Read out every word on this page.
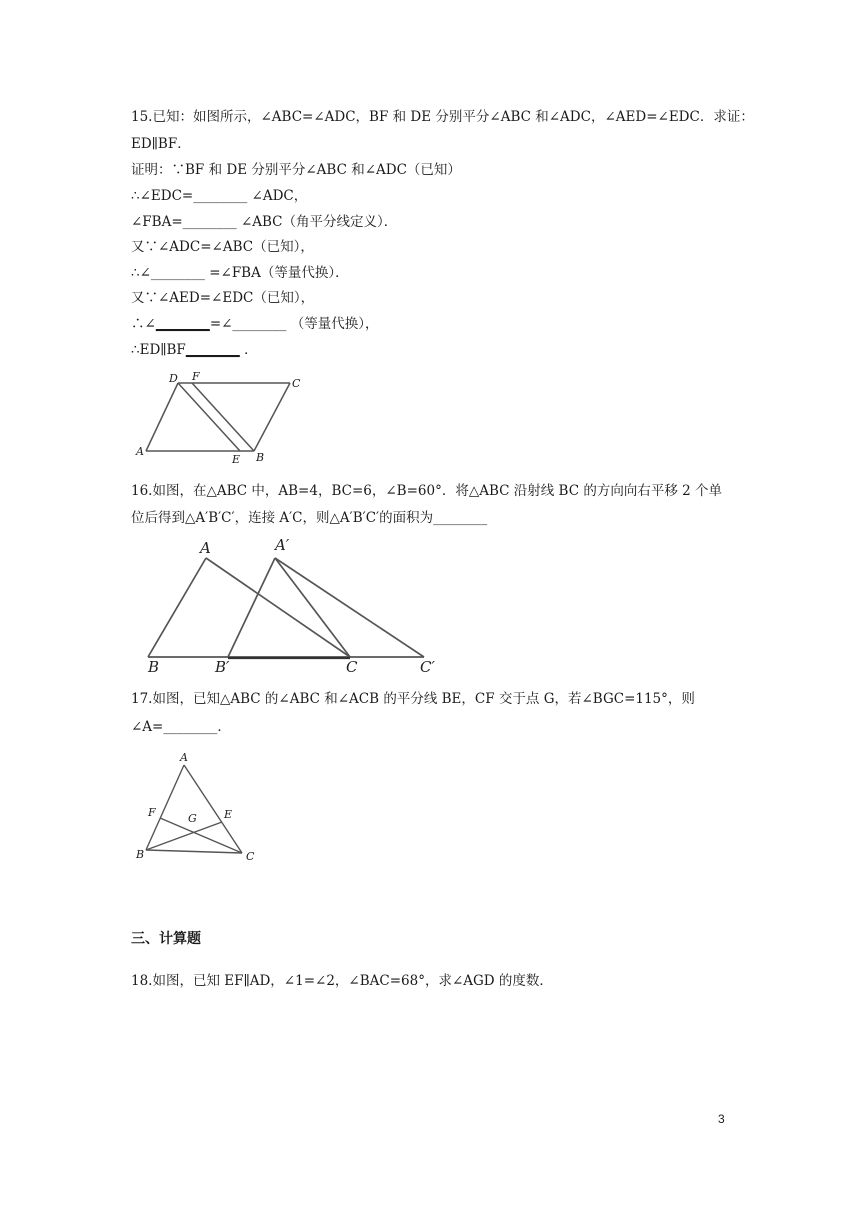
15.已知：如图所示，∠ABC=∠ADC，BF 和 DE 分别平分∠ABC 和∠ADC，∠AED=∠EDC．求证：
ED∥BF．
证明：∵BF 和 DE 分别平分∠ABC 和∠ADC（已知）
∴∠EDC=________ ∠ADC，
∠FBA=________ ∠ABC（角平分线定义）．
又∵∠ADC=∠ABC（已知），
∴∠________ =∠FBA（等量代换）．
又∵∠AED=∠EDC（已知），
∴∠________=∠________ （等量代换），
∴ED∥BF________ ．
D F
C
A
E B
16.如图，在△ABC 中，AB=4，BC=6，∠B=60°．将△ABC 沿射线 BC 的方向向右平移 2 个单
位后得到△A′B′C′，连接 A′C，则△A′B′C′的面积为________
A	A′
B	B′	C	C′
17.如图，已知△ABC 的∠ABC 和∠ACB 的平分线 BE，CF 交于点 G，若∠BGC=115°，则
∠A=________．
A
F	G E
B	C
三、计算题
18.如图，已知 EF∥AD，∠1=∠2，∠BAC=68°，求∠AGD 的度数．
3
